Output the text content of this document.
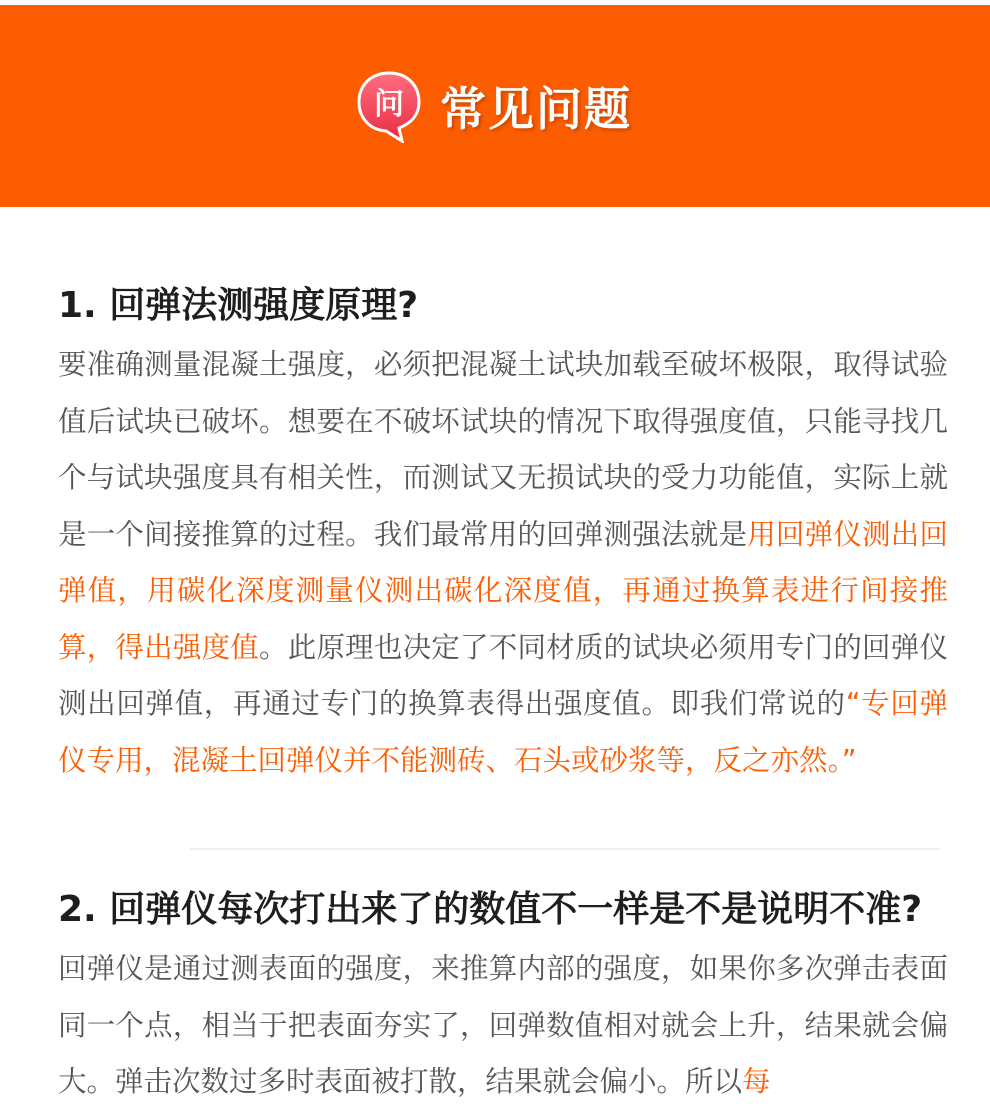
问 常见问题
1. 回弹法测强度原理?

要准确测量混凝土强度，必须把混凝土试块加载至破坏极限，取得试验值后试块已破坏。想要在不破坏试块的情况下取得强度值，只能寻找几个与试块强度具有相关性，而测试又无损试块的受力功能值，实际上就是一个间接推算的过程。我们最常用的回弹测强法就是用回弹仪测出回弹值，用碳化深度测量仪测出碳化深度值，再通过换算表进行间接推算，得出强度值。此原理也决定了不同材质的试块必须用专门的回弹仪测出回弹值，再通过专门的换算表得出强度值。即我们常说的“专回弹仪专用，混凝土回弹仪并不能测砖、石头或砂浆等，反之亦然。”

2. 回弹仪每次打出来了的数值不一样是不是说明不准?

回弹仪是通过测表面的强度，来推算内部的强度，如果你多次弹击表面同一个点，相当于把表面夯实了，回弹数值相对就会上升，结果就会偏大。弹击次数过多时表面被打散，结果就会偏小。所以每
